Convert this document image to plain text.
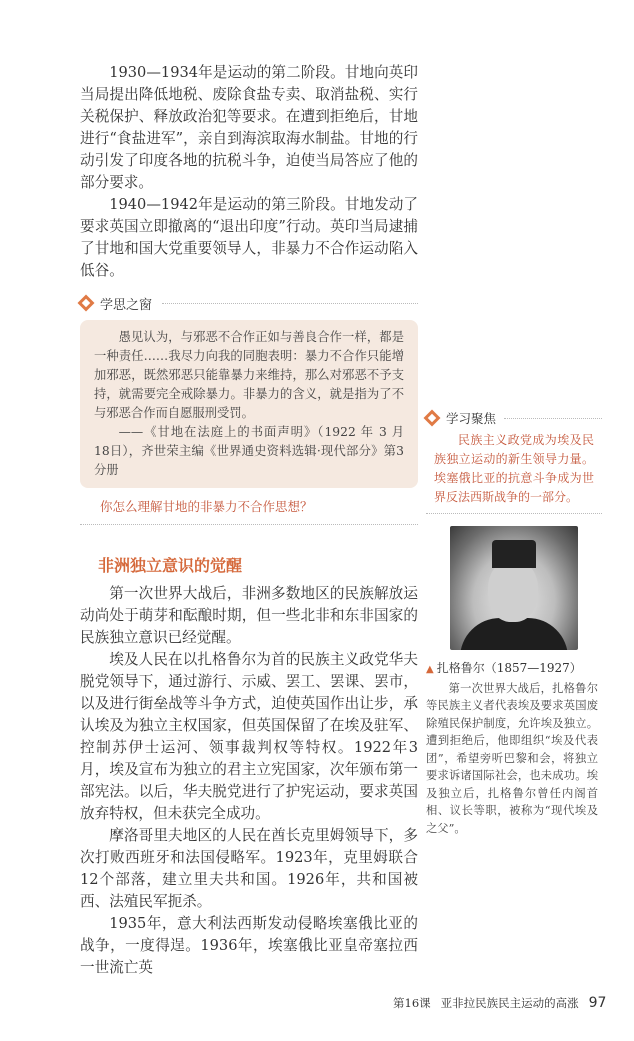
1930—1934年是运动的第二阶段。甘地向英印当局提出降低地税、废除食盐专卖、取消盐税、实行关税保护、释放政治犯等要求。在遭到拒绝后，甘地进行“食盐进军”，亲自到海滨取海水制盐。甘地的行动引发了印度各地的抗税斗争，迫使当局答应了他的部分要求。

1940—1942年是运动的第三阶段。甘地发动了要求英国立即撤离的“退出印度”行动。英印当局逮捕了甘地和国大党重要领导人，非暴力不合作运动陷入低谷。

学思之窗

愚见认为，与邪恶不合作正如与善良合作一样，都是一种责任……我尽力向我的同胞表明：暴力不合作只能增加邪恶，既然邪恶只能靠暴力来维持，那么对邪恶不予支持，就需要完全戒除暴力。非暴力的含义，就是指为了不与邪恶合作而自愿服刑受罚。

——《甘地在法庭上的书面声明》（1922 年 3 月 18日），齐世荣主编《世界通史资料选辑·现代部分》第3分册

你怎么理解甘地的非暴力不合作思想？
非洲独立意识的觉醒

第一次世界大战后，非洲多数地区的民族解放运动尚处于萌芽和酝酿时期，但一些北非和东非国家的民族独立意识已经觉醒。

埃及人民在以扎格鲁尔为首的民族主义政党华夫脱党领导下，通过游行、示威、罢工、罢课、罢市，以及进行街垒战等斗争方式，迫使英国作出让步，承认埃及为独立主权国家，但英国保留了在埃及驻军、控制苏伊士运河、领事裁判权等特权。1922年3月，埃及宣布为独立的君主立宪国家，次年颁布第一部宪法。以后，华夫脱党进行了护宪运动，要求英国放弃特权，但未获完全成功。

摩洛哥里夫地区的人民在酋长克里姆领导下，多次打败西班牙和法国侵略军。1923年，克里姆联合12个部落，建立里夫共和国。1926年，共和国被西、法殖民军扼杀。

1935年，意大利法西斯发动侵略埃塞俄比亚的战争，一度得逞。1936年，埃塞俄比亚皇帝塞拉西一世流亡英

学习聚焦

民族主义政党成为埃及民族独立运动的新生领导力量。埃塞俄比亚的抗意斗争成为世界反法西斯战争的一部分。

▲ 扎格鲁尔（1857—1927）

第一次世界大战后，扎格鲁尔等民族主义者代表埃及要求英国废除殖民保护制度，允许埃及独立。遭到拒绝后，他即组织“埃及代表团”，希望旁听巴黎和会，将独立要求诉诸国际社会，也未成功。埃及独立后，扎格鲁尔曾任内阁首相、议长等职，被称为“现代埃及之父”。

第16课 亚非拉民族民主运动的高涨 97
